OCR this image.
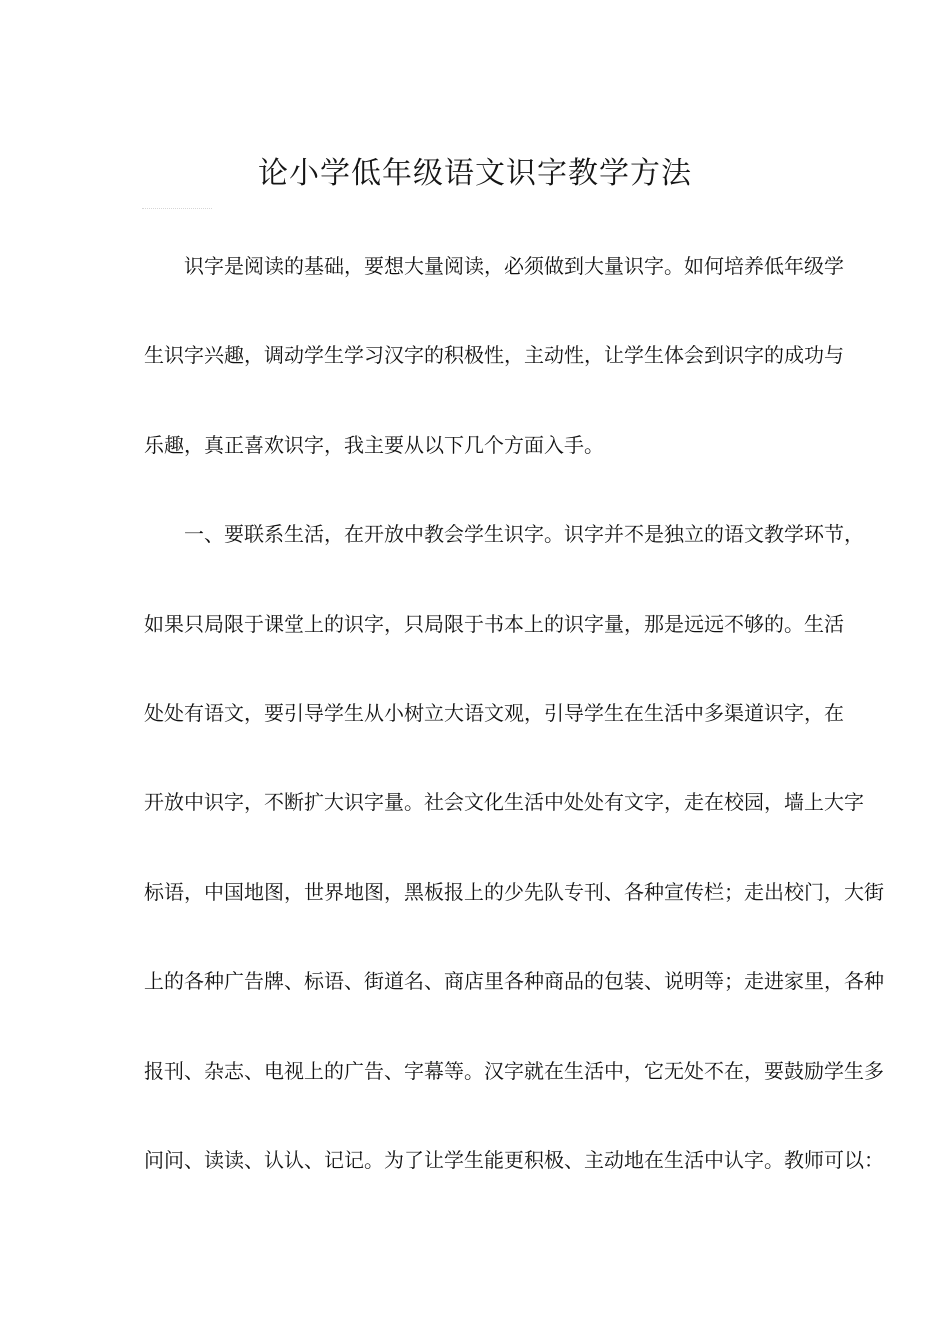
论小学低年级语文识字教学方法
识字是阅读的基础，要想大量阅读，必须做到大量识字。如何培养低年级学
生识字兴趣，调动学生学习汉字的积极性，主动性，让学生体会到识字的成功与
乐趣，真正喜欢识字，我主要从以下几个方面入手。
一、要联系生活，在开放中教会学生识字。识字并不是独立的语文教学环节，
如果只局限于课堂上的识字，只局限于书本上的识字量，那是远远不够的。生活
处处有语文，要引导学生从小树立大语文观，引导学生在生活中多渠道识字，在
开放中识字，不断扩大识字量。社会文化生活中处处有文字，走在校园，墙上大字
标语，中国地图，世界地图，黑板报上的少先队专刊、各种宣传栏；走出校门，大街
上的各种广告牌、标语、街道名、商店里各种商品的包装、说明等；走进家里，各种
报刊、杂志、电视上的广告、字幕等。汉字就在生活中，它无处不在，要鼓励学生多
问问、读读、认认、记记。为了让学生能更积极、主动地在生活中认字。教师可以：
